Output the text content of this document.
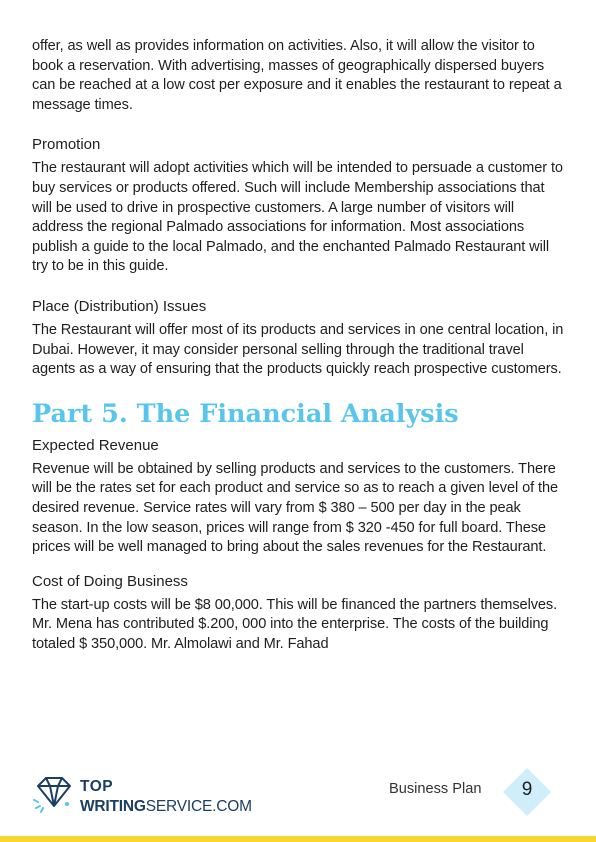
offer, as well as provides information on activities. Also, it will allow the visitor to book a reservation. With advertising, masses of geographically dispersed buyers can be reached at a low cost per exposure and it enables the restaurant to repeat a message times.

Promotion

The restaurant will adopt activities which will be intended to persuade a customer to buy services or products offered. Such will include Membership associations that will be used to drive in prospective customers. A large number of visitors will address the regional Palmado associations for information. Most associations publish a guide to the local Palmado, and the enchanted Palmado Restaurant will try to be in this guide.

Place (Distribution) Issues

The Restaurant will offer most of its products and services in one central location, in Dubai. However, it may consider personal selling through the traditional travel agents as a way of ensuring that the products quickly reach prospective customers.

Part 5. The Financial Analysis
Expected Revenue

Revenue will be obtained by selling products and services to the customers. There will be the rates set for each product and service so as to reach a given level of the desired revenue. Service rates will vary from $ 380 – 500 per day in the peak season. In the low season, prices will range from $ 320 -450 for full board. These prices will be well managed to bring about the sales revenues for the Restaurant.

Cost of Doing Business

The start-up costs will be $8 00,000. This will be financed the partners themselves. Mr. Mena has contributed $.200, 000 into the enterprise. The costs of the building totaled $ 350,000. Mr. Almolawi and Mr. Fahad

TOP
WRITINGSERVICE.COM
Business Plan	9
